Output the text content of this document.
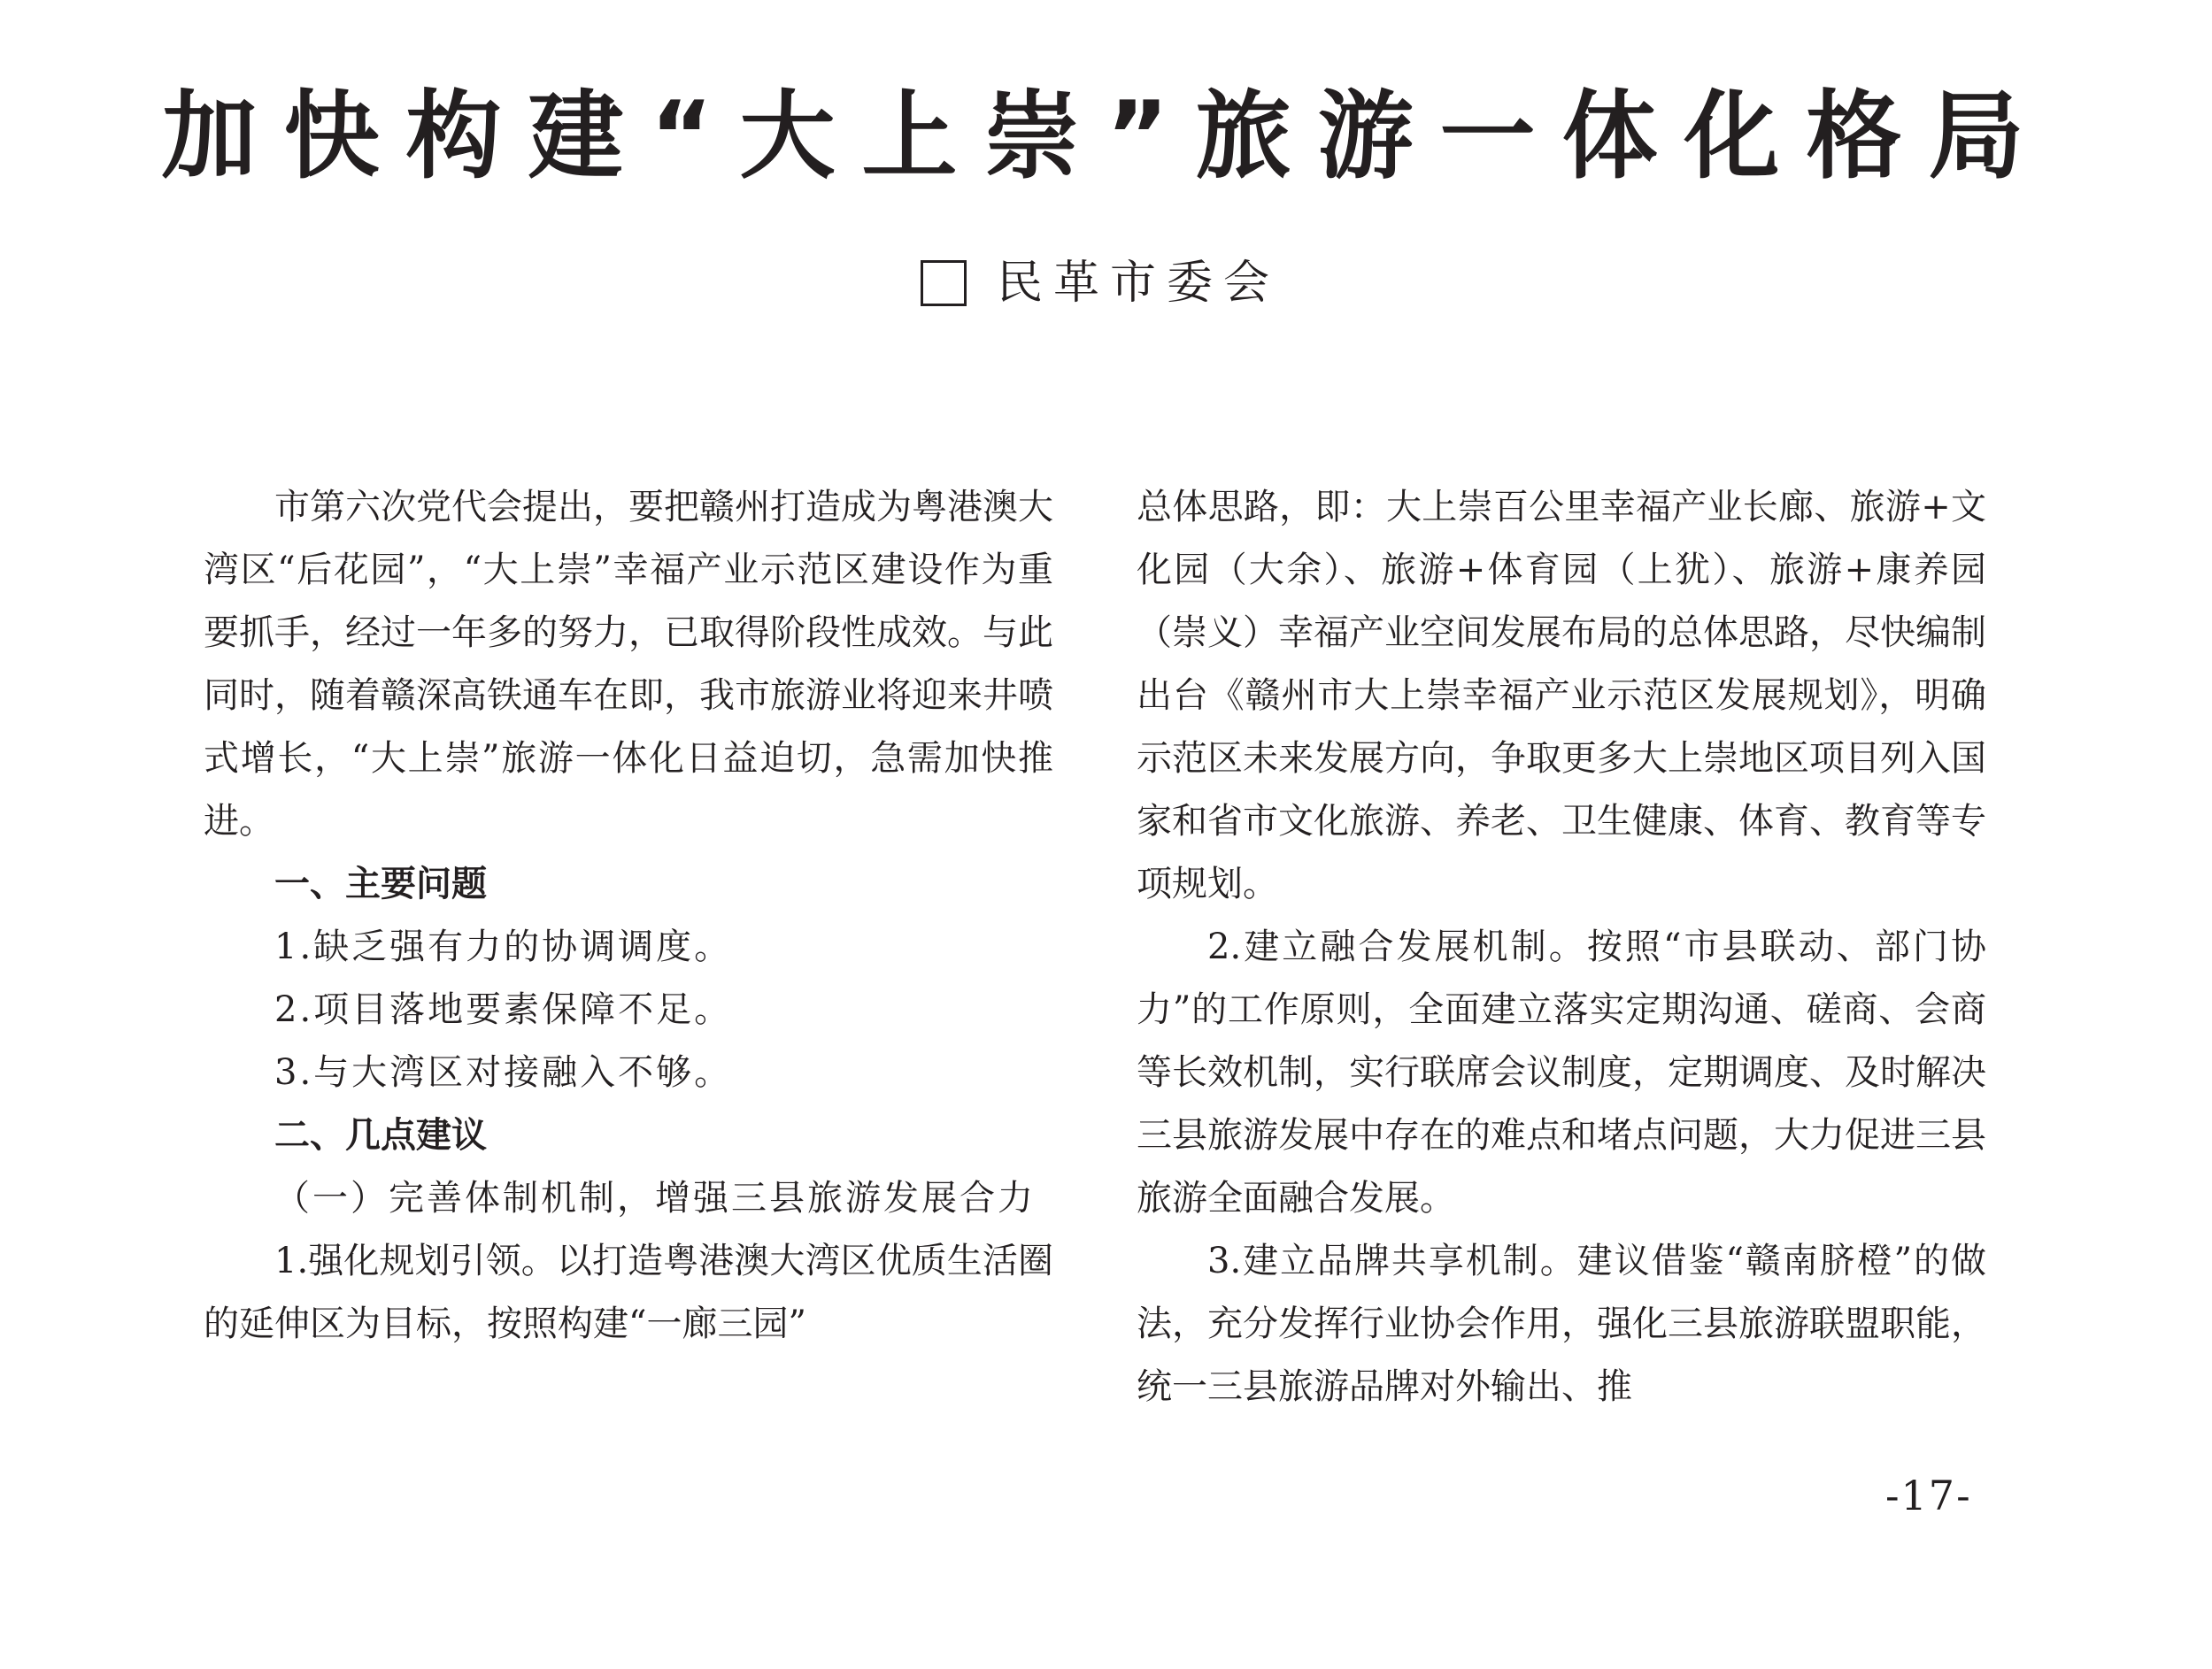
加快构建“大上崇”旅游一体化格局
民革市委会

市第六次党代会提出，要把赣州打造成为粤港澳大湾区“后花园”，“大上崇”幸福产业示范区建设作为重要抓手，经过一年多的努力，已取得阶段性成效。与此同时，随着赣深高铁通车在即，我市旅游业将迎来井喷式增长，“大上崇”旅游一体化日益迫切，急需加快推进。

一、主要问题

1.缺乏强有力的协调调度。

2.项目落地要素保障不足。

3.与大湾区对接融入不够。

二、几点建议

（一）完善体制机制，增强三县旅游发展合力

1.强化规划引领。以打造粤港澳大湾区优质生活圈的延伸区为目标，按照构建“一廊三园”

总体思路，即：大上崇百公里幸福产业长廊、旅游+文化园（大余）、旅游+体育园（上犹）、旅游+康养园（崇义）幸福产业空间发展布局的总体思路，尽快编制出台《赣州市大上崇幸福产业示范区发展规划》，明确示范区未来发展方向，争取更多大上崇地区项目列入国家和省市文化旅游、养老、卫生健康、体育、教育等专项规划。

2.建立融合发展机制。按照“市县联动、部门协力”的工作原则，全面建立落实定期沟通、磋商、会商等长效机制，实行联席会议制度，定期调度、及时解决三县旅游发展中存在的难点和堵点问题，大力促进三县旅游全面融合发展。

3.建立品牌共享机制。建议借鉴“赣南脐橙”的做法，充分发挥行业协会作用，强化三县旅游联盟职能，统一三县旅游品牌对外输出、推

-17-
